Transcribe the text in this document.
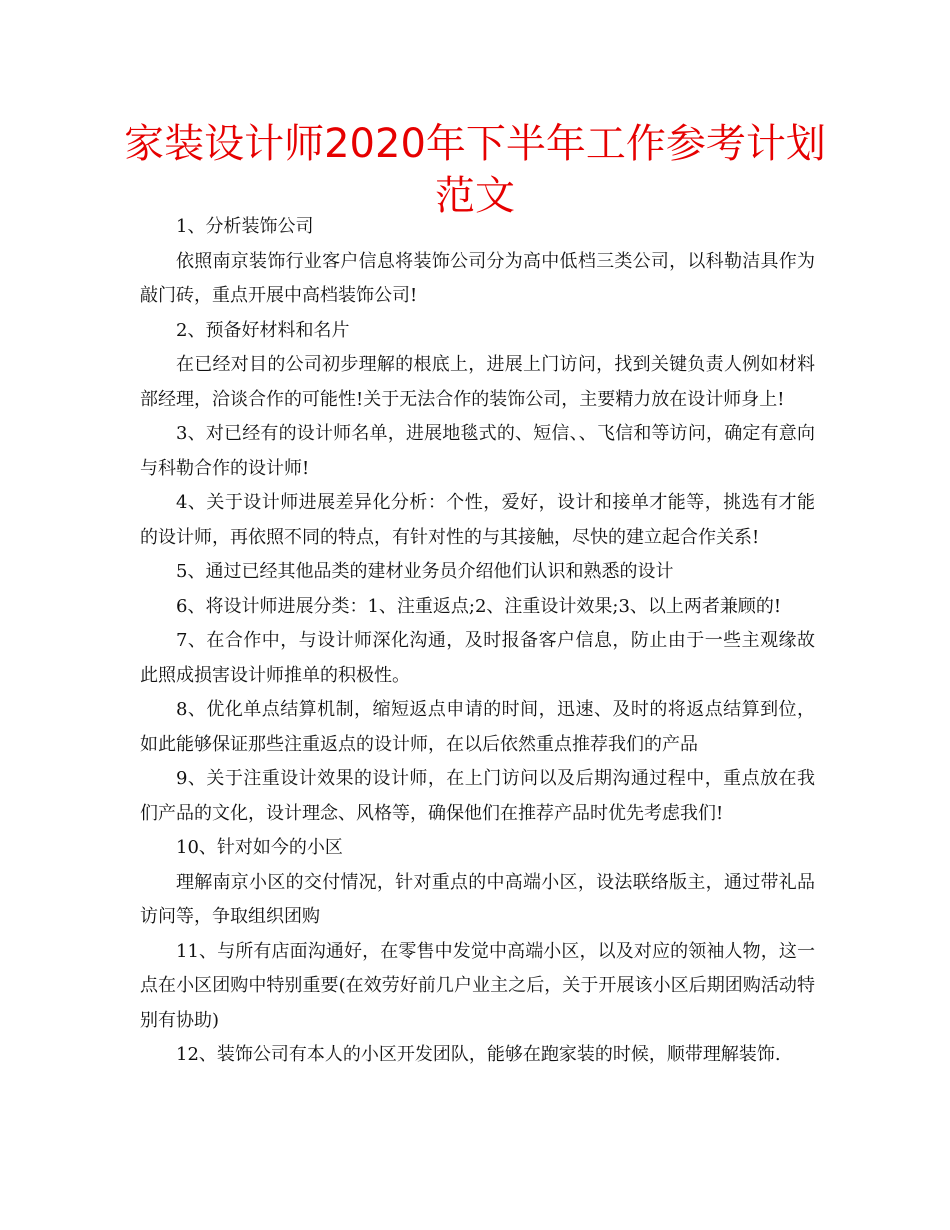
家装设计师2020年下半年工作参考计划范文

1、分析装饰公司

依照南京装饰行业客户信息将装饰公司分为高中低档三类公司，以科勒洁具作为敲门砖，重点开展中高档装饰公司!

2、预备好材料和名片

在已经对目的公司初步理解的根底上，进展上门访问，找到关键负责人例如材料部经理，洽谈合作的可能性!关于无法合作的装饰公司，主要精力放在设计师身上!

3、对已经有的设计师名单，进展地毯式的、短信、、飞信和等访问，确定有意向与科勒合作的设计师!

4、关于设计师进展差异化分析：个性，爱好，设计和接单才能等，挑选有才能的设计师，再依照不同的特点，有针对性的与其接触，尽快的建立起合作关系!

5、通过已经其他品类的建材业务员介绍他们认识和熟悉的设计

6、将设计师进展分类：1、注重返点;2、注重设计效果;3、以上两者兼顾的!

7、在合作中，与设计师深化沟通，及时报备客户信息，防止由于一些主观缘故此照成损害设计师推单的积极性。

8、优化单点结算机制，缩短返点申请的时间，迅速、及时的将返点结算到位，如此能够保证那些注重返点的设计师，在以后依然重点推荐我们的产品

9、关于注重设计效果的设计师，在上门访问以及后期沟通过程中，重点放在我们产品的文化，设计理念、风格等，确保他们在推荐产品时优先考虑我们!

10、针对如今的小区

理解南京小区的交付情况，针对重点的中高端小区，设法联络版主，通过带礼品访问等，争取组织团购

11、与所有店面沟通好，在零售中发觉中高端小区，以及对应的领袖人物，这一点在小区团购中特别重要(在效劳好前几户业主之后，关于开展该小区后期团购活动特别有协助)

12、装饰公司有本人的小区开发团队，能够在跑家装的时候，顺带理解装饰.
